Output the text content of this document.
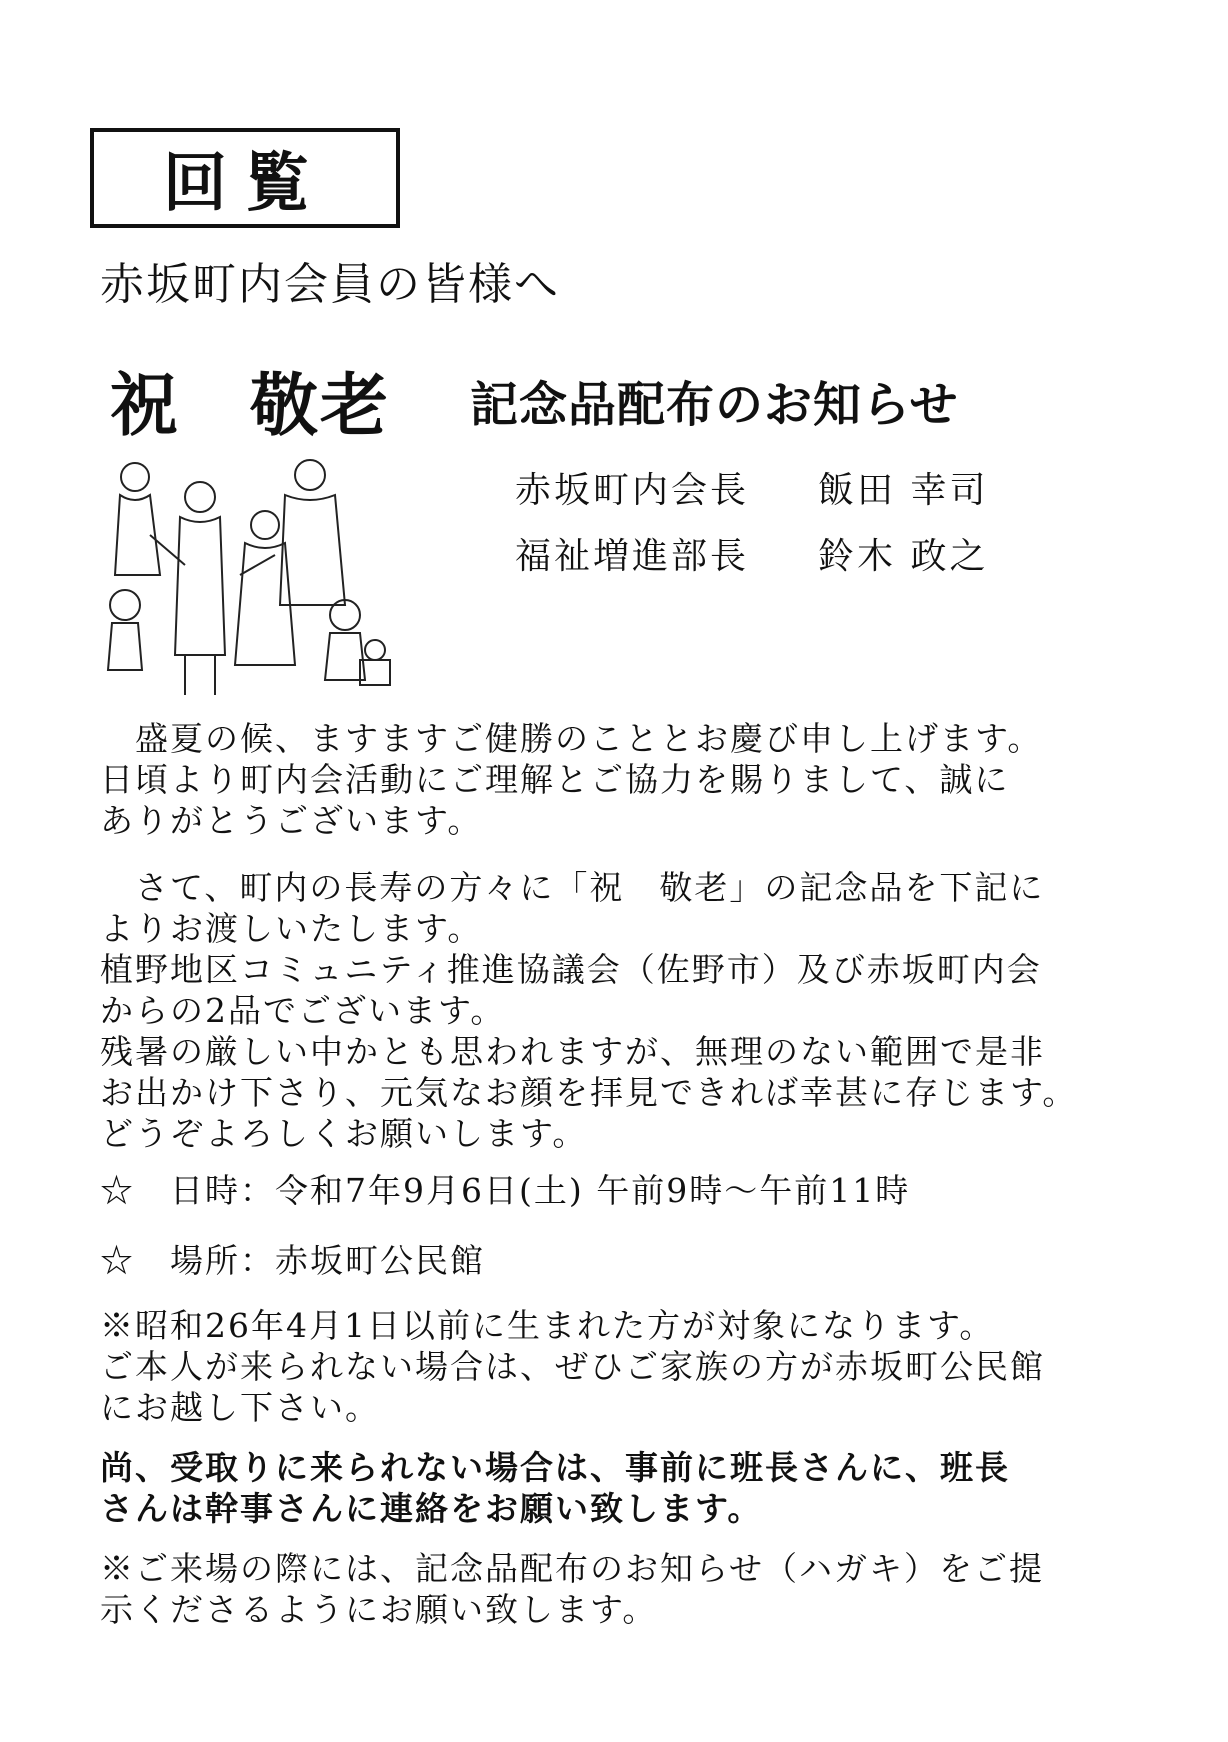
回覧
赤坂町内会員の皆様へ
祝　敬老 記念品配布のお知らせ
赤坂町内会長 飯田 幸司
福祉増進部長 鈴木 政之
　盛夏の候、ますますご健勝のこととお慶び申し上げます。
日頃より町内会活動にご理解とご協力を賜りまして、誠に
ありがとうございます。
　さて、町内の長寿の方々に「祝　敬老」の記念品を下記に
よりお渡しいたします。
植野地区コミュニティ推進協議会（佐野市）及び赤坂町内会
からの2品でございます。
残暑の厳しい中かとも思われますが、無理のない範囲で是非
お出かけ下さり、元気なお顔を拝見できれば幸甚に存じます。
どうぞよろしくお願いします。
☆　日時：令和7年9月6日(土) 午前9時～午前11時
☆　場所：赤坂町公民館
※昭和26年4月1日以前に生まれた方が対象になります。
ご本人が来られない場合は、ぜひご家族の方が赤坂町公民館
にお越し下さい。
尚、受取りに来られない場合は、事前に班長さんに、班長
さんは幹事さんに連絡をお願い致します。
※ご来場の際には、記念品配布のお知らせ（ハガキ）をご提
示くださるようにお願い致します。
